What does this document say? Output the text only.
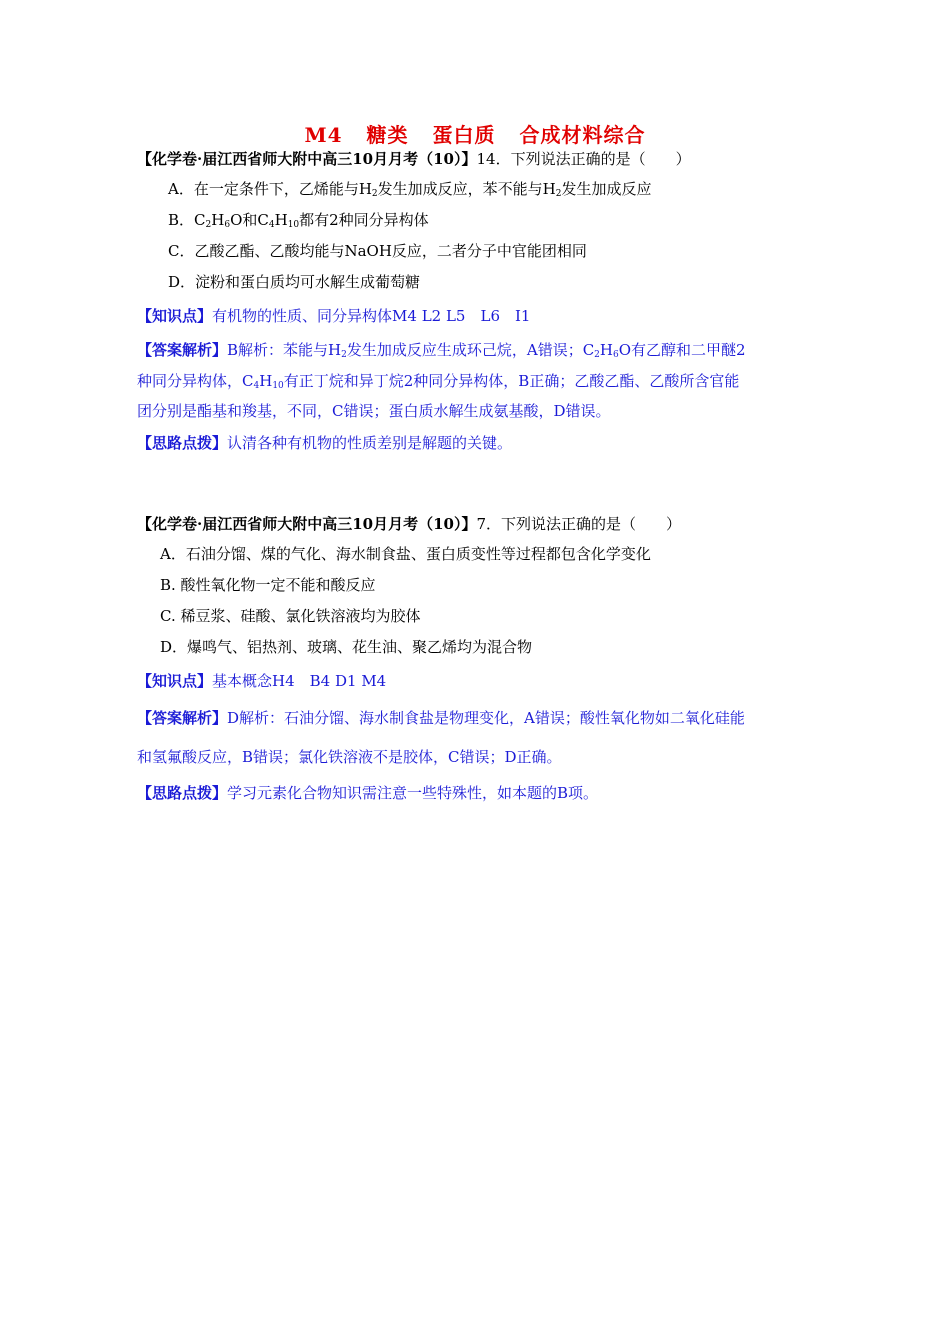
M4 糖类 蛋白质 合成材料综合
【化学卷·届江西省师大附中高三10月月考（10）】14．下列说法正确的是（　　）
A．在一定条件下，乙烯能与$H_2$发生加成反应，苯不能与$H_2$发生加成反应
B．$C_2H_6O$和$C_4H_{10}$都有2种同分异构体
C．乙酸乙酯、乙酸均能与NaOH反应，二者分子中官能团相同
D．淀粉和蛋白质均可水解生成葡萄糖
【知识点】有机物的性质、同分异构体M4 L2 L5　L6　I1
【答案解析】B解析：苯能与$H_2$发生加成反应生成环己烷，A错误；$C_2H_6O$有乙醇和二甲醚2
种同分异构体，$C_4H_{10}$有正丁烷和异丁烷2种同分异构体，B正确；乙酸乙酯、乙酸所含官能
团分别是酯基和羧基，不同，C错误；蛋白质水解生成氨基酸，D错误。
【思路点拨】认清各种有机物的性质差别是解题的关键。
【化学卷·届江西省师大附中高三10月月考（10）】7．下列说法正确的是（　　）
A．石油分馏、煤的气化、海水制食盐、蛋白质变性等过程都包含化学变化
B. 酸性氧化物一定不能和酸反应
C. 稀豆浆、硅酸、氯化铁溶液均为胶体
D．爆鸣气、铝热剂、玻璃、花生油、聚乙烯均为混合物
【知识点】基本概念H4　B4 D1 M4
【答案解析】D解析：石油分馏、海水制食盐是物理变化，A错误；酸性氧化物如二氧化硅能
和氢氟酸反应，B错误；氯化铁溶液不是胶体，C错误；D正确。
【思路点拨】学习元素化合物知识需注意一些特殊性，如本题的B项。
